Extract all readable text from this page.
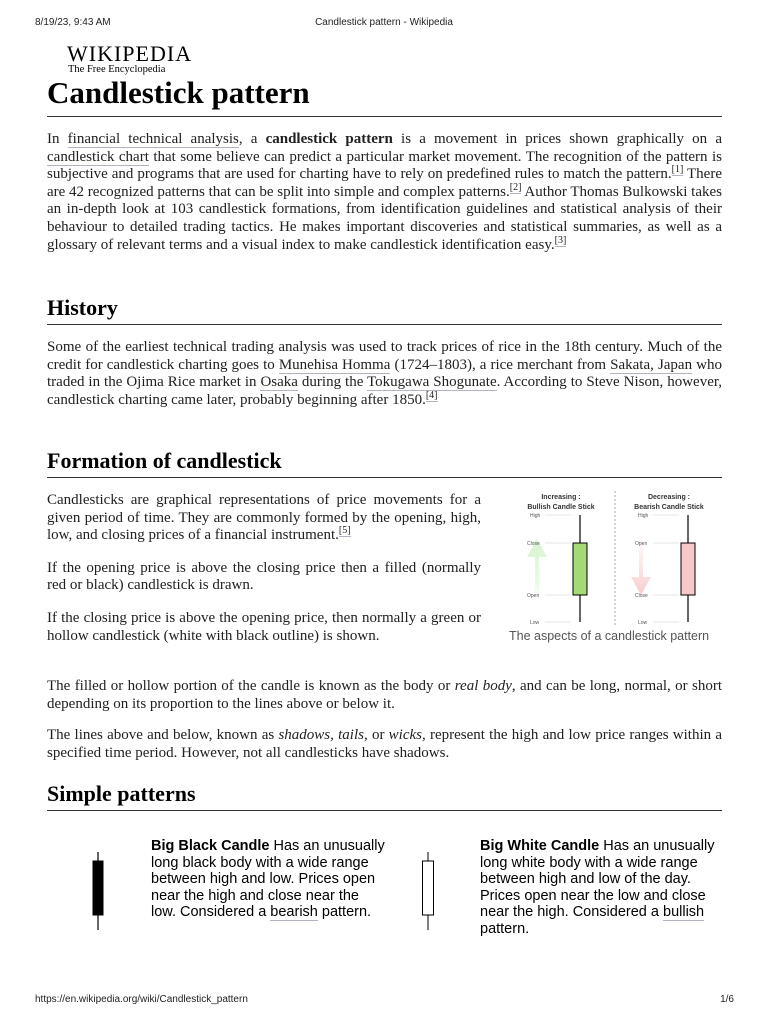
8/19/23, 9:43 AM	Candlestick pattern - Wikipedia
WIKIPEDIA
The Free Encyclopedia
Candlestick pattern

In financial technical analysis, a candlestick pattern is a movement in prices shown graphically on a candlestick chart that some believe can predict a particular market movement. The recognition of the pattern is subjective and programs that are used for charting have to rely on predefined rules to match the pattern.[1] There are 42 recognized patterns that can be split into simple and complex patterns.[2] Author Thomas Bulkowski takes an in-depth look at 103 candlestick formations, from identification guidelines and statistical analysis of their behaviour to detailed trading tactics. He makes important discoveries and statistical summaries, as well as a glossary of relevant terms and a visual index to make candlestick identification easy.[3]

History

Some of the earliest technical trading analysis was used to track prices of rice in the 18th century. Much of the credit for candlestick charting goes to Munehisa Homma (1724–1803), a rice merchant from Sakata, Japan who traded in the Ojima Rice market in Osaka during the Tokugawa Shogunate. According to Steve Nison, however, candlestick charting came later, probably beginning after 1850.[4]

Formation of candlestick

Candlesticks are graphical representations of price movements for a given period of time. They are commonly formed by the opening, high, low, and closing prices of a financial instrument.[5]

If the opening price is above the closing price then a filled (normally red or black) candlestick is drawn.

If the closing price is above the opening price, then normally a green or hollow candlestick (white with black outline) is shown.

The filled or hollow portion of the candle is known as the body or real body, and can be long, normal, or short depending on its proportion to the lines above or below it.

The lines above and below, known as shadows, tails, or wicks, represent the high and low price ranges within a specified time period. However, not all candlesticks have shadows.

Increasing :
Bullish Candle Stick
Decreasing :
Bearish Candle Stick
High
Close
Open
Low
High
Open
Close
Low
The aspects of a candlestick pattern
Simple patterns
Big Black Candle Has an unusually long black body with a wide range between high and low. Prices open near the high and close near the low. Considered a bearish pattern.
Big White Candle Has an unusually long white body with a wide range between high and low of the day. Prices open near the low and close near the high. Considered a bullish pattern.
https://en.wikipedia.org/wiki/Candlestick_pattern	1/6
